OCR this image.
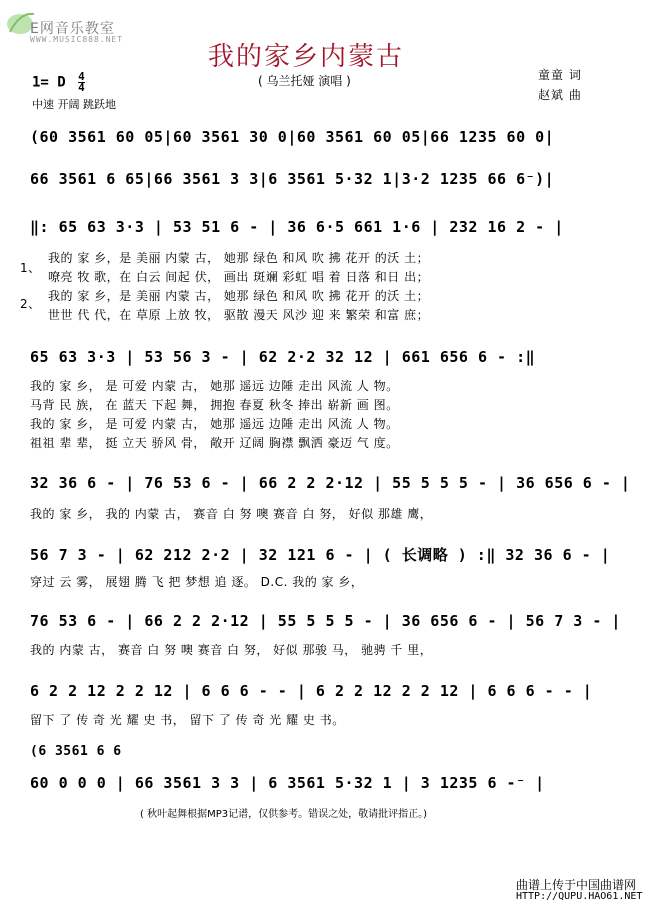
E网音乐教室
WWW.MUSIC888.NET
我的家乡内蒙古
( 乌兰托娅 演唱 )	童童 词
赵斌 曲
1= D $\frac{4}{4}$
中速 开阔 跳跃地
(60 3561 60 05|60 3561 30 0|60 3561 60 05|66 1235 60 0|
66 3561 6 65|66 3561 3 3|6 3561 5·32 1|3·2 1235 66 6⁻)|
‖: 65 63 3·3 | 53 51 6 - | 36 6·5 661 1·6 | 232 16 2 - |
1、
2、
我的 家 乡，是 美丽 内蒙 古， 她那 绿色 和风 吹 拂 花开 的沃 土；
嘹亮 牧 歌，在 白云 间起 伏， 画出 斑斓 彩虹 唱 着 日落 和日 出；
我的 家 乡，是 美丽 内蒙 古， 她那 绿色 和风 吹 拂 花开 的沃 土；
世世 代 代，在 草原 上放 牧， 驱散 漫天 风沙 迎 来 繁荣 和富 庶；
65 63 3·3 | 53 56 3 - | 62 2·2 32 12 | 661 656 6 - :‖
我的 家 乡， 是 可爱 内蒙 古， 她那 遥远 边陲 走出 风流 人 物。
马背 民 族， 在 蓝天 下起 舞， 拥抱 春夏 秋冬 捧出 崭新 画 图。
我的 家 乡， 是 可爱 内蒙 古， 她那 遥远 边陲 走出 风流 人 物。
祖祖 辈 辈， 挺 立天 骄风 骨， 敞开 辽阔 胸襟 飘洒 豪迈 气 度。
32 36 6 - | 76 53 6 - | 66 2 2 2·12 | 55 5 5 5 - | 36 656 6 - |
我的 家 乡， 我的 内蒙 古， 赛音 白 努 噢 赛音 白 努， 好似 那雄 鹰，
56 7 3 - | 62 212 2·2 | 32 121 6 - | ( 长调略 ) :‖ 32 36 6 - |
穿过 云 雾， 展翅 腾 飞 把 梦想 追 逐。 D.C. 我的 家 乡，
76 53 6 - | 66 2 2 2·12 | 55 5 5 5 - | 36 656 6 - | 56 7 3 - |
我的 内蒙 古， 赛音 白 努 噢 赛音 白 努， 好似 那骏 马， 驰骋 千 里，
6 2 2 12 2 2 12 | 6 6 6 - - | 6 2 2 12 2 2 12 | 6 6 6 - - |
留下 了 传 奇 光 耀 史 书， 留下 了 传 奇 光 耀 史 书。
(6 3561 6 6
60 0 0 0 | 66 3561 3 3 | 6 3561 5·32 1 | 3 1235 6 -⁻ |
( 秋叶起舞根据MP3记谱，仅供参考。错误之处，敬请批评指正。)
曲谱上传于中国曲谱网
HTTP://QUPU.HAO61.NET
